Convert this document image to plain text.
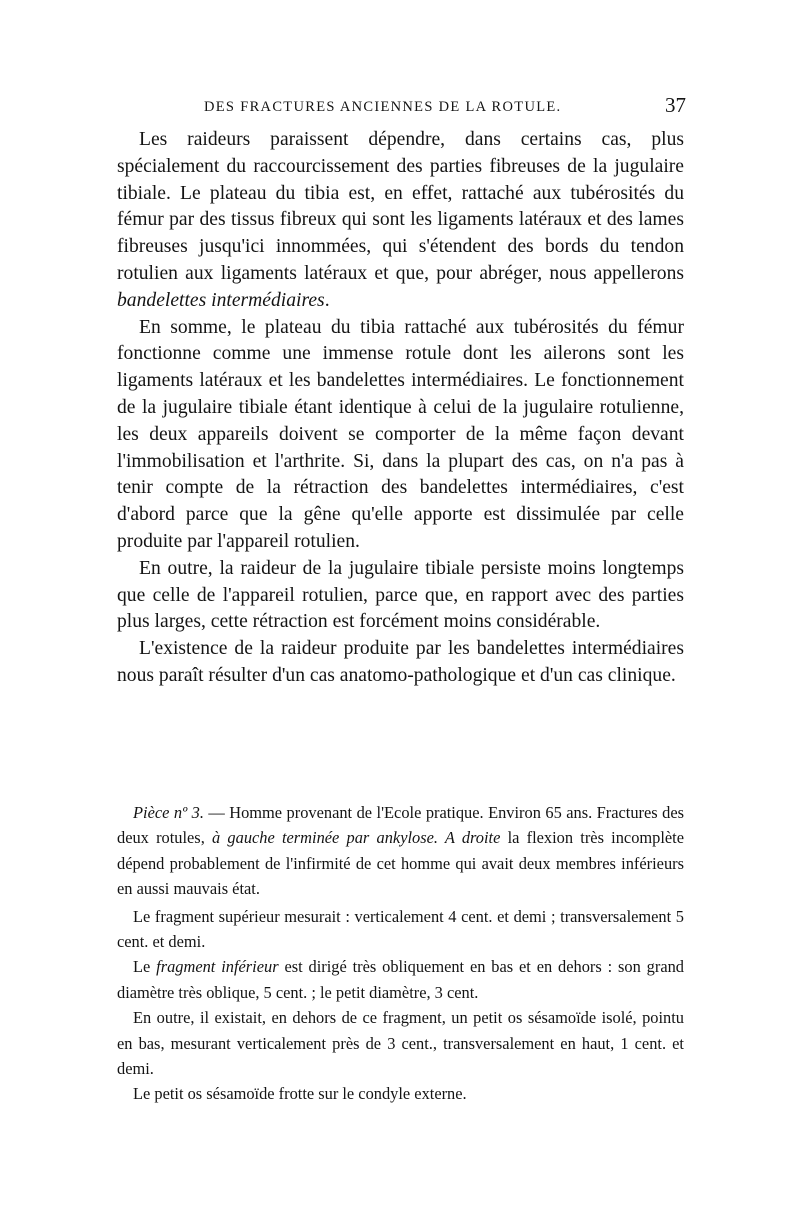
DES FRACTURES ANCIENNES DE LA ROTULE.	37

Les raideurs paraissent dépendre, dans certains cas, plus spécialement du raccourcissement des parties fibreuses de la jugulaire tibiale. Le plateau du tibia est, en effet, rattaché aux tubérosités du fémur par des tissus fibreux qui sont les ligaments latéraux et des lames fibreuses jusqu'ici innommées, qui s'étendent des bords du tendon rotulien aux ligaments latéraux et que, pour abréger, nous appellerons bandelettes intermédiaires.

En somme, le plateau du tibia rattaché aux tubérosités du fémur fonctionne comme une immense rotule dont les ailerons sont les ligaments latéraux et les bandelettes intermédiaires. Le fonctionnement de la jugulaire tibiale étant identique à celui de la jugulaire rotulienne, les deux appareils doivent se comporter de la même façon devant l'immobilisation et l'arthrite. Si, dans la plupart des cas, on n'a pas à tenir compte de la rétraction des bandelettes intermédiaires, c'est d'abord parce que la gêne qu'elle apporte est dissimulée par celle produite par l'appareil rotulien.

En outre, la raideur de la jugulaire tibiale persiste moins longtemps que celle de l'appareil rotulien, parce que, en rapport avec des parties plus larges, cette rétraction est forcément moins considérable.

L'existence de la raideur produite par les bandelettes intermédiaires nous paraît résulter d'un cas anatomo-pathologique et d'un cas clinique.

Pièce nº 3. — Homme provenant de l'Ecole pratique. Environ 65 ans. Fractures des deux rotules, à gauche terminée par ankylose. A droite la flexion très incomplète dépend probablement de l'infirmité de cet homme qui avait deux membres inférieurs en aussi mauvais état.

Le fragment supérieur mesurait : verticalement 4 cent. et demi ; transversalement 5 cent. et demi.

Le fragment inférieur est dirigé très obliquement en bas et en dehors : son grand diamètre très oblique, 5 cent. ; le petit diamètre, 3 cent.

En outre, il existait, en dehors de ce fragment, un petit os sésamoïde isolé, pointu en bas, mesurant verticalement près de 3 cent., transversalement en haut, 1 cent. et demi.

Le petit os sésamoïde frotte sur le condyle externe.
